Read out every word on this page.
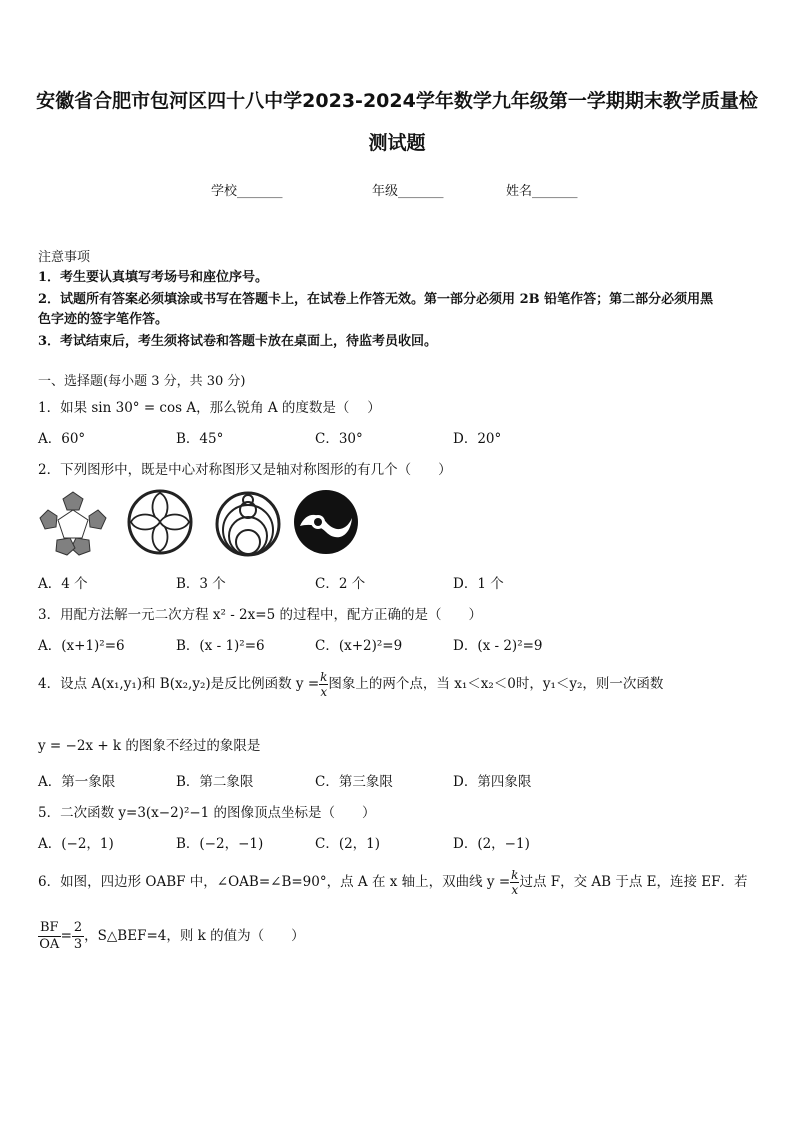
安徽省合肥市包河区四十八中学2023-2024学年数学九年级第一学期期末教学质量检
测试题
学校_______	年级_______	姓名_______
注意事项
1．考生要认真填写考场号和座位序号。
2．试题所有答案必须填涂或书写在答题卡上，在试卷上作答无效。第一部分必须用 2B 铅笔作答；第二部分必须用黑
色字迹的签字笔作答。
3．考试结束后，考生须将试卷和答题卡放在桌面上，待监考员收回。
一、选择题(每小题 3 分，共 30 分)
1．如果 sin 30° = cos A，那么锐角 A 的度数是（　 ）
A．60°	B．45°	C．30°	D．20°
2．下列图形中，既是中心对称图形又是轴对称图形的有几个（　　）
A．4 个	B．3 个	C．2 个	D．1 个
3．用配方法解一元二次方程 x² - 2x=5 的过程中，配方正确的是（　　）
A．(x+1)²=6	B．(x - 1)²=6	C．(x+2)²=9	D．(x - 2)²=9
4．设点 A(x₁,y₁)和 B(x₂,y₂)是反比例函数 $y = \frac{k}{x}$ 图象上的两个点，当 x₁＜x₂＜0时，y₁＜y₂，则一次函数
y = −2x + k 的图象不经过的象限是
A．第一象限	B．第二象限	C．第三象限	D．第四象限
5．二次函数 y=3(x−2)²−1 的图像顶点坐标是（　　）
A．(−2，1)	B．(−2，−1)	C．(2，1)	D．(2，−1)
6．如图，四边形 OABF 中，∠OAB=∠B=90°，点 A 在 x 轴上，双曲线 $y = \frac{k}{x}$ 过点 F，交 AB 于点 E，连接 EF．若
$\frac{BF}{OA} = \frac{2}{3}$ ，S△BEF=4，则 k 的值为（　　）
